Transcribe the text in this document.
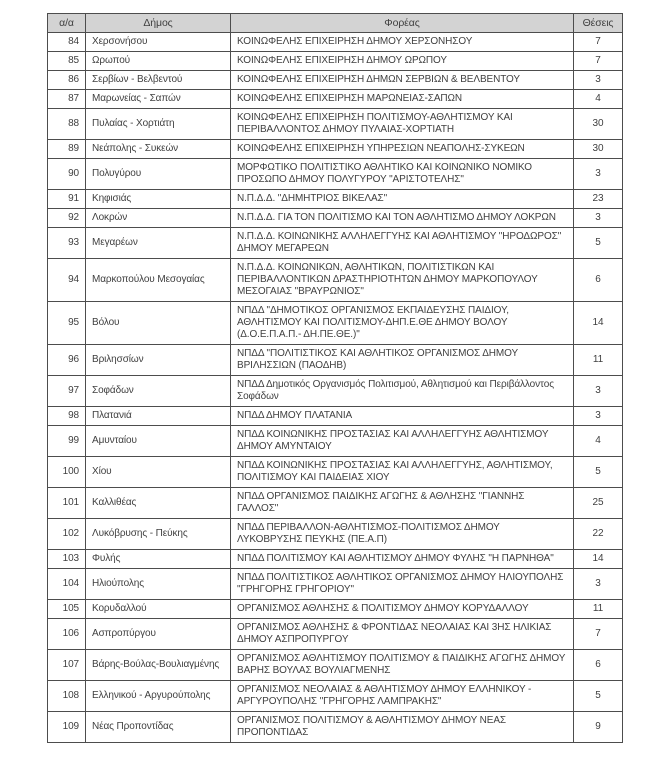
α/α	Δήμος	Φορέας	Θέσεις
84	Χερσονήσου	ΚΟΙΝΩΦΕΛΗΣ ΕΠΙΧΕΙΡΗΣΗ ΔΗΜΟΥ ΧΕΡΣΟΝΗΣΟΥ	7
85	Ωρωπού	ΚΟΙΝΩΦΕΛΗΣ ΕΠΙΧΕΙΡΗΣΗ ΔΗΜΟΥ ΩΡΩΠΟΥ	7
86	Σερβίων - Βελβεντού	ΚΟΙΝΩΦΕΛΗΣ ΕΠΙΧΕΙΡΗΣΗ ΔΗΜΩΝ ΣΕΡΒΙΩΝ & ΒΕΛΒΕΝΤΟΥ	3
87	Μαρωνείας - Σαπών	ΚΟΙΝΩΦΕΛΗΣ ΕΠΙΧΕΙΡΗΣΗ ΜΑΡΩΝΕΙΑΣ-ΣΑΠΩΝ	4
88	Πυλαίας - Χορτιάτη	ΚΟΙΝΩΦΕΛΗΣ ΕΠΙΧΕΙΡΗΣΗ ΠΟΛΙΤΙΣΜΟΥ-ΑΘΛΗΤΙΣΜΟΥ ΚΑΙ ΠΕΡΙΒΑΛΛΟΝΤΟΣ ΔΗΜΟΥ ΠΥΛΑΙΑΣ-ΧΟΡΤΙΑΤΗ	30
89	Νεάπολης - Συκεών	ΚΟΙΝΩΦΕΛΗΣ ΕΠΙΧΕΙΡΗΣΗ ΥΠΗΡΕΣΙΩΝ ΝΕΑΠΟΛΗΣ-ΣΥΚΕΩΝ	30
90	Πολυγύρου	ΜΟΡΦΩΤΙΚΟ ΠΟΛΙΤΙΣΤΙΚΟ ΑΘΛΗΤΙΚΟ ΚΑΙ ΚΟΙΝΩΝΙΚΟ ΝΟΜΙΚΟ ΠΡΟΣΩΠΟ ΔΗΜΟΥ ΠΟΛΥΓΥΡΟΥ "ΑΡΙΣΤΟΤΕΛΗΣ"	3
91	Κηφισιάς	Ν.Π.Δ.Δ. "ΔΗΜΗΤΡΙΟΣ ΒΙΚΕΛΑΣ"	23
92	Λοκρών	Ν.Π.Δ.Δ. ΓΙΑ ΤΟΝ ΠΟΛΙΤΙΣΜΟ ΚΑΙ ΤΟΝ ΑΘΛΗΤΙΣΜΟ ΔΗΜΟΥ ΛΟΚΡΩΝ	3
93	Μεγαρέων	Ν.Π.Δ.Δ. ΚΟΙΝΩΝΙΚΗΣ ΑΛΛΗΛΕΓΓΥΗΣ ΚΑΙ ΑΘΛΗΤΙΣΜΟΥ "ΗΡΟΔΩΡΟΣ" ΔΗΜΟΥ ΜΕΓΑΡΕΩΝ	5
94	Μαρκοπούλου Μεσογαίας	Ν.Π.Δ.Δ. ΚΟΙΝΩΝΙΚΩΝ, ΑΘΛΗΤΙΚΩΝ, ΠΟΛΙΤΙΣΤΙΚΩΝ ΚΑΙ ΠΕΡΙΒΑΛΛΟΝΤΙΚΩΝ ΔΡΑΣΤΗΡΙΟΤΗΤΩΝ ΔΗΜΟΥ ΜΑΡΚΟΠΟΥΛΟΥ ΜΕΣΟΓΑΙΑΣ "ΒΡΑΥΡΩΝΙΟΣ"	6
95	Βόλου	ΝΠΔΔ "ΔΗΜΟΤΙΚΟΣ ΟΡΓΑΝΙΣΜΟΣ ΕΚΠΑΙΔΕΥΣΗΣ ΠΑΙΔΙΟΥ, ΑΘΛΗΤΙΣΜΟΥ ΚΑΙ ΠΟΛΙΤΙΣΜΟΥ-ΔΗΠ.Ε.ΘΕ ΔΗΜΟΥ ΒΟΛΟΥ (Δ.Ο.Ε.Π.Α.Π.- ΔΗ.ΠΕ.ΘΕ.)"	14
96	Βριλησσίων	ΝΠΔΔ "ΠΟΛΙΤΙΣΤΙΚΟΣ ΚΑΙ ΑΘΛΗΤΙΚΟΣ ΟΡΓΑΝΙΣΜΟΣ ΔΗΜΟΥ ΒΡΙΛΗΣΣΙΩΝ (ΠΑΟΔΗΒ)	11
97	Σοφάδων	ΝΠΔΔ Δημοτικός Οργανισμός Πολιτισμού, Αθλητισμού και Περιβάλλοντος Σοφάδων	3
98	Πλατανιά	ΝΠΔΔ ΔΗΜΟΥ ΠΛΑΤΑΝΙΑ	3
99	Αμυνταίου	ΝΠΔΔ ΚΟΙΝΩΝΙΚΗΣ ΠΡΟΣΤΑΣΙΑΣ ΚΑΙ ΑΛΛΗΛΕΓΓΥΗΣ ΑΘΛΗΤΙΣΜΟΥ ΔΗΜΟΥ ΑΜΥΝΤΑΙΟΥ	4
100	Χίου	ΝΠΔΔ ΚΟΙΝΩΝΙΚΗΣ ΠΡΟΣΤΑΣΙΑΣ ΚΑΙ ΑΛΛΗΛΕΓΓΥΗΣ, ΑΘΛΗΤΙΣΜΟΥ, ΠΟΛΙΤΙΣΜΟΥ ΚΑΙ ΠΑΙΔΕΙΑΣ ΧΙΟΥ	5
101	Καλλιθέας	ΝΠΔΔ ΟΡΓΑΝΙΣΜΟΣ ΠΑΙΔΙΚΗΣ ΑΓΩΓΗΣ & ΑΘΛΗΣΗΣ "ΓΙΑΝΝΗΣ ΓΑΛΛΟΣ"	25
102	Λυκόβρυσης - Πεύκης	ΝΠΔΔ ΠΕΡΙΒΑΛΛΟΝ-ΑΘΛΗΤΙΣΜΟΣ-ΠΟΛΙΤΙΣΜΟΣ ΔΗΜΟΥ ΛΥΚΟΒΡΥΣΗΣ ΠΕΥΚΗΣ (ΠΕ.Α.Π)	22
103	Φυλής	ΝΠΔΔ ΠΟΛΙΤΙΣΜΟΥ ΚΑΙ ΑΘΛΗΤΙΣΜΟΥ ΔΗΜΟΥ ΦΥΛΗΣ "Η ΠΑΡΝΗΘΑ"	14
104	Ηλιούπολης	ΝΠΔΔ ΠΟΛΙΤΙΣΤΙΚΟΣ ΑΘΛΗΤΙΚΟΣ ΟΡΓΑΝΙΣΜΟΣ ΔΗΜΟΥ ΗΛΙΟΥΠΟΛΗΣ "ΓΡΗΓΟΡΗΣ ΓΡΗΓΟΡΙΟΥ"	3
105	Κορυδαλλού	ΟΡΓΑΝΙΣΜΟΣ ΑΘΛΗΣΗΣ & ΠΟΛΙΤΙΣΜΟΥ ΔΗΜΟΥ ΚΟΡΥΔΑΛΛΟΥ	11
106	Ασπροπύργου	ΟΡΓΑΝΙΣΜΟΣ ΑΘΛΗΣΗΣ & ΦΡΟΝΤΙΔΑΣ ΝΕΟΛΑΙΑΣ ΚΑΙ 3ΗΣ ΗΛΙΚΙΑΣ ΔΗΜΟΥ ΑΣΠΡΟΠΥΡΓΟΥ	7
107	Βάρης-Βούλας-Βουλιαγμένης	ΟΡΓΑΝΙΣΜΟΣ ΑΘΛΗΤΙΣΜΟΥ ΠΟΛΙΤΙΣΜΟΥ & ΠΑΙΔΙΚΗΣ ΑΓΩΓΗΣ ΔΗΜΟΥ ΒΑΡΗΣ ΒΟΥΛΑΣ ΒΟΥΛΙΑΓΜΕΝΗΣ	6
108	Ελληνικού - Αργυρούπολης	ΟΡΓΑΝΙΣΜΟΣ ΝΕΟΛΑΙΑΣ & ΑΘΛΗΤΙΣΜΟΥ ΔΗΜΟΥ ΕΛΛΗΝΙΚΟΥ - ΑΡΓΥΡΟΥΠΟΛΗΣ "ΓΡΗΓΟΡΗΣ ΛΑΜΠΡΑΚΗΣ"	5
109	Νέας Προποντίδας	ΟΡΓΑΝΙΣΜΟΣ ΠΟΛΙΤΙΣΜΟΥ & ΑΘΛΗΤΙΣΜΟΥ ΔΗΜΟΥ ΝΕΑΣ ΠΡΟΠΟΝΤΙΔΑΣ	9
